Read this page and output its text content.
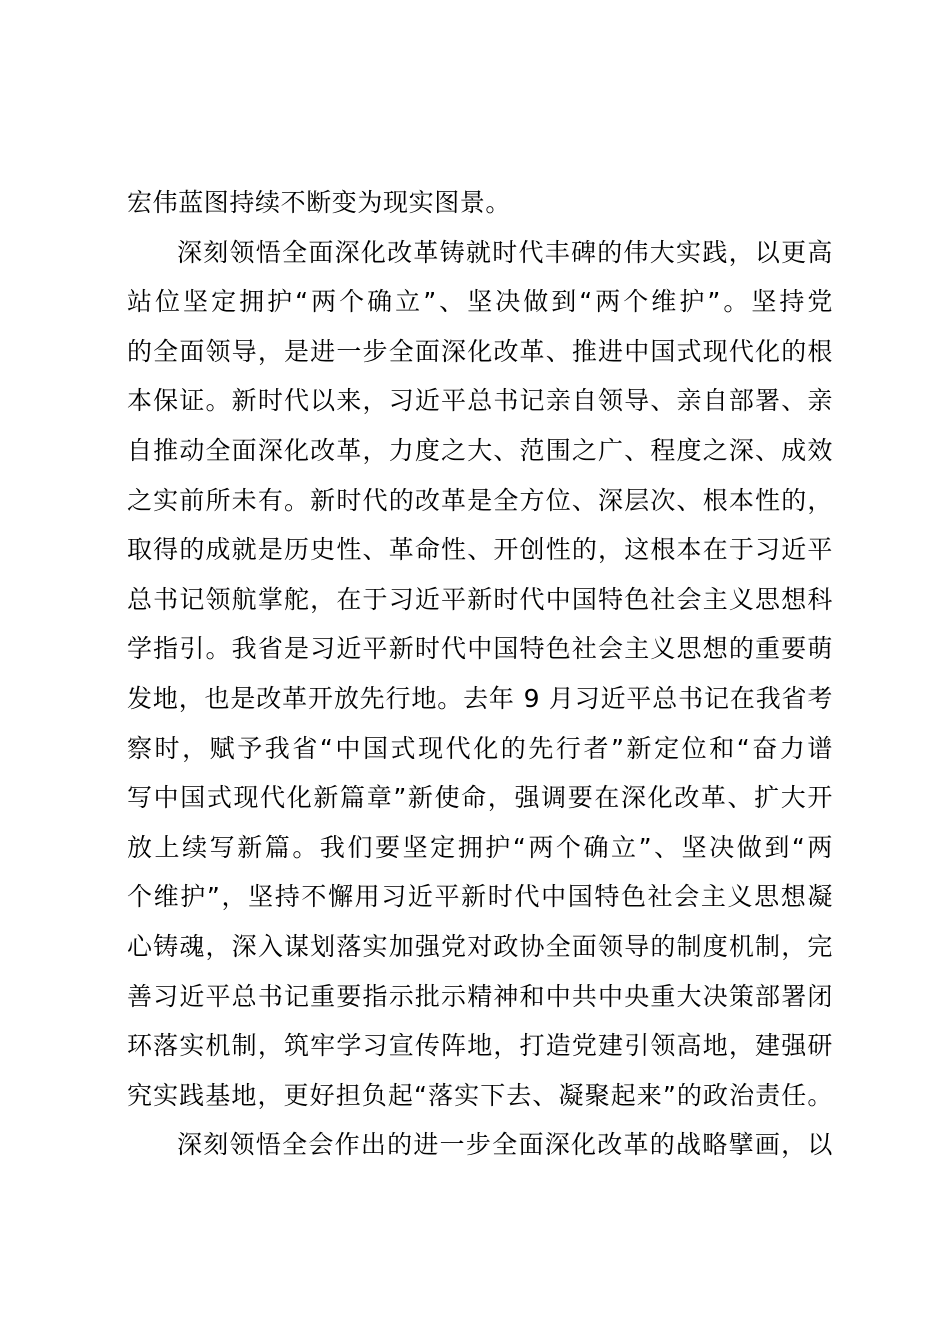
宏伟蓝图持续不断变为现实图景。
深刻领悟全面深化改革铸就时代丰碑的伟大实践，以更高
站位坚定拥护“两个确立”、坚决做到“两个维护”。坚持党
的全面领导，是进一步全面深化改革、推进中国式现代化的根
本保证。新时代以来，习近平总书记亲自领导、亲自部署、亲
自推动全面深化改革，力度之大、范围之广、程度之深、成效
之实前所未有。新时代的改革是全方位、深层次、根本性的，
取得的成就是历史性、革命性、开创性的，这根本在于习近平
总书记领航掌舵，在于习近平新时代中国特色社会主义思想科
学指引。我省是习近平新时代中国特色社会主义思想的重要萌
发地，也是改革开放先行地。去年 9 月习近平总书记在我省考
察时，赋予我省“中国式现代化的先行者”新定位和“奋力谱
写中国式现代化新篇章”新使命，强调要在深化改革、扩大开
放上续写新篇。我们要坚定拥护“两个确立”、坚决做到“两
个维护”，坚持不懈用习近平新时代中国特色社会主义思想凝
心铸魂，深入谋划落实加强党对政协全面领导的制度机制，完
善习近平总书记重要指示批示精神和中共中央重大决策部署闭
环落实机制，筑牢学习宣传阵地，打造党建引领高地，建强研
究实践基地，更好担负起“落实下去、凝聚起来”的政治责任。
深刻领悟全会作出的进一步全面深化改革的战略擘画，以
